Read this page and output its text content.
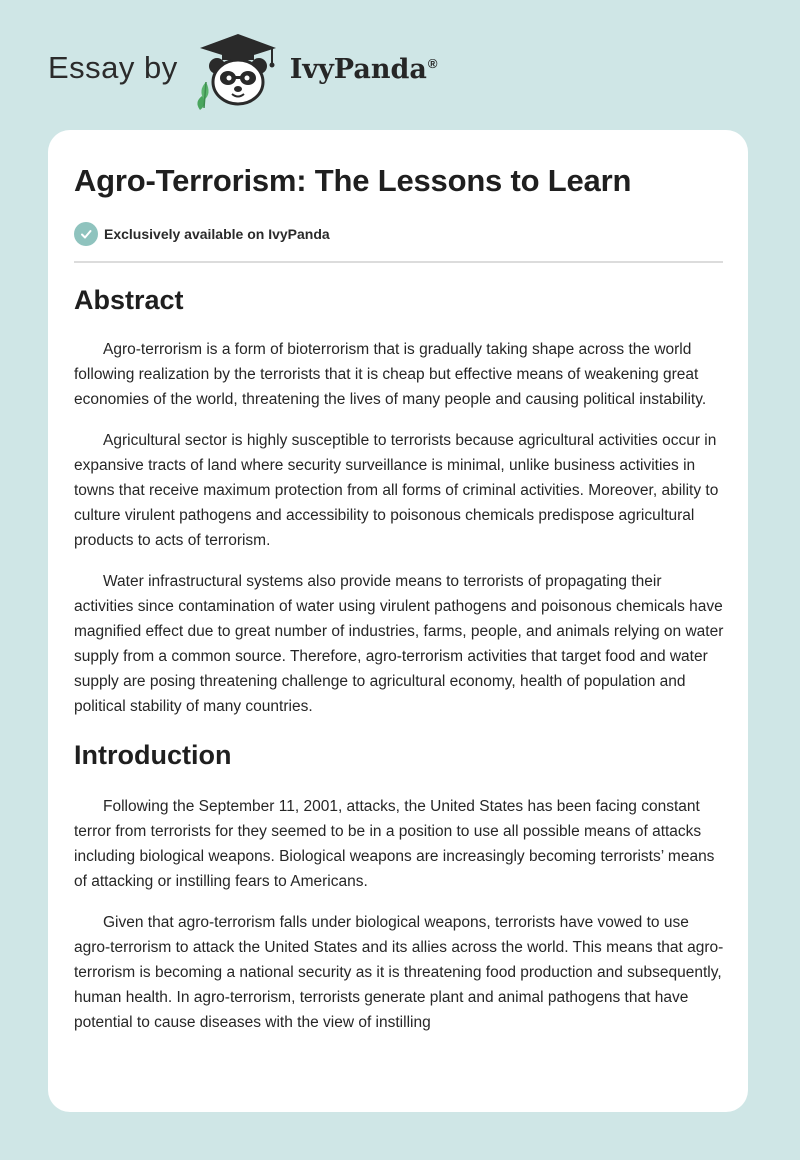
Essay by	IvyPanda®
Agro-Terrorism: The Lessons to Learn
Exclusively available on IvyPanda
Abstract

Agro-terrorism is a form of bioterrorism that is gradually taking shape across the world following realization by the terrorists that it is cheap but effective means of weakening great economies of the world, threatening the lives of many people and causing political instability.

Agricultural sector is highly susceptible to terrorists because agricultural activities occur in expansive tracts of land where security surveillance is minimal, unlike business activities in towns that receive maximum protection from all forms of criminal activities. Moreover, ability to culture virulent pathogens and accessibility to poisonous chemicals predispose agricultural products to acts of terrorism.

Water infrastructural systems also provide means to terrorists of propagating their activities since contamination of water using virulent pathogens and poisonous chemicals have magnified effect due to great number of industries, farms, people, and animals relying on water supply from a common source. Therefore, agro-terrorism activities that target food and water supply are posing threatening challenge to agricultural economy, health of population and political stability of many countries.

Introduction

Following the September 11, 2001, attacks, the United States has been facing constant terror from terrorists for they seemed to be in a position to use all possible means of attacks including biological weapons. Biological weapons are increasingly becoming terrorists’ means of attacking or instilling fears to Americans.

Given that agro-terrorism falls under biological weapons, terrorists have vowed to use agro-terrorism to attack the United States and its allies across the world. This means that agro-terrorism is becoming a national security as it is threatening food production and subsequently, human health. In agro-terrorism, terrorists generate plant and animal pathogens that have potential to cause diseases with the view of instilling
